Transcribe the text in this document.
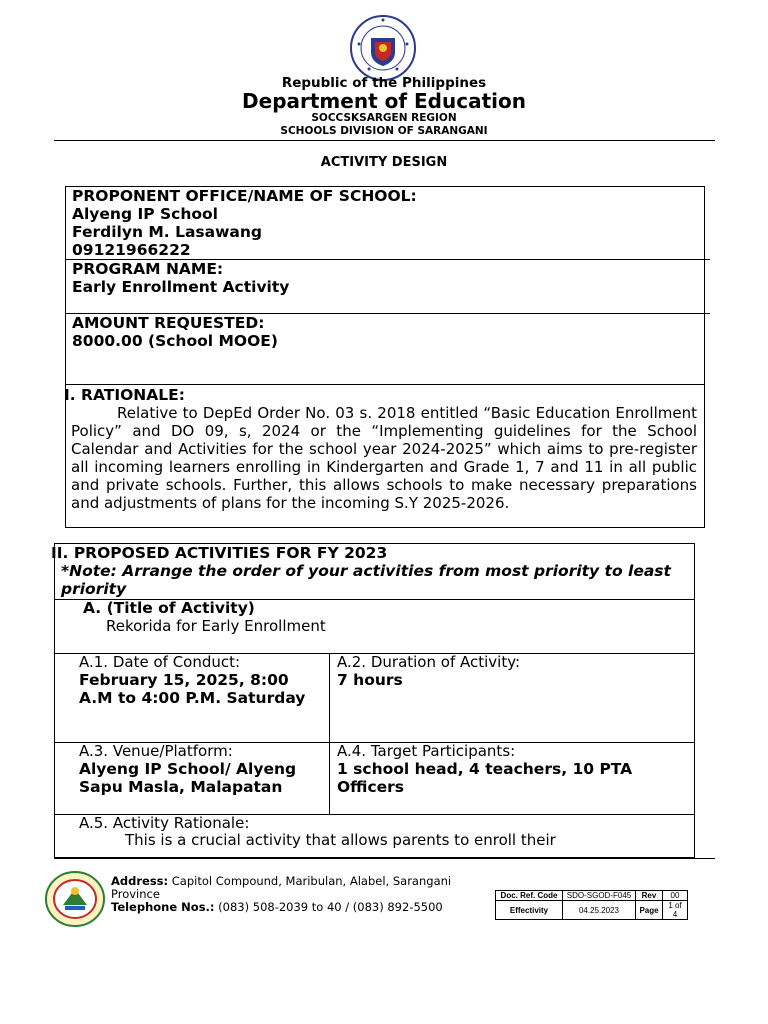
Republic of the Philippines
Department of Education
SOCCSKSARGEN REGION
SCHOOLS DIVISION OF SARANGANI
ACTIVITY DESIGN
PROPONENT OFFICE/NAME OF SCHOOL:
Alyeng IP School
Ferdilyn M. Lasawang
09121966222
PROGRAM NAME:
Early Enrollment Activity
AMOUNT REQUESTED:
8000.00 (School MOOE)
I. RATIONALE:
Relative to DepEd Order No. 03 s. 2018 entitled “Basic Education Enrollment Policy” and DO 09, s, 2024 or the “Implementing guidelines for the School Calendar and Activities for the school year 2024-2025” which aims to pre-register all incoming learners enrolling in Kindergarten and Grade 1, 7 and 11 in all public and private schools. Further, this allows schools to make necessary preparations and adjustments of plans for the incoming S.Y 2025-2026.
II. PROPOSED ACTIVITIES FOR FY 2023
*Note: Arrange the order of your activities from most priority to least priority
A. (Title of Activity)
Rekorida for Early Enrollment
A.1. Date of Conduct:
February 15, 2025, 8:00 A.M to 4:00 P.M. Saturday
A.2. Duration of Activity:
7 hours
A.3. Venue/Platform:
Alyeng IP School/ Alyeng Sapu Masla, Malapatan
A.4. Target Participants:
1 school head, 4 teachers, 10 PTA Officers
A.5. Activity Rationale:
This is a crucial activity that allows parents to enroll their
Address: Capitol Compound, Maribulan, Alabel, Sarangani Province
Telephone Nos.: (083) 508-2039 to 40 / (083) 892-5500
Doc. Ref. Code	SDO-SGOD-F045	Rev	00
Effectivity	04.25.2023	Page	1 of 4
